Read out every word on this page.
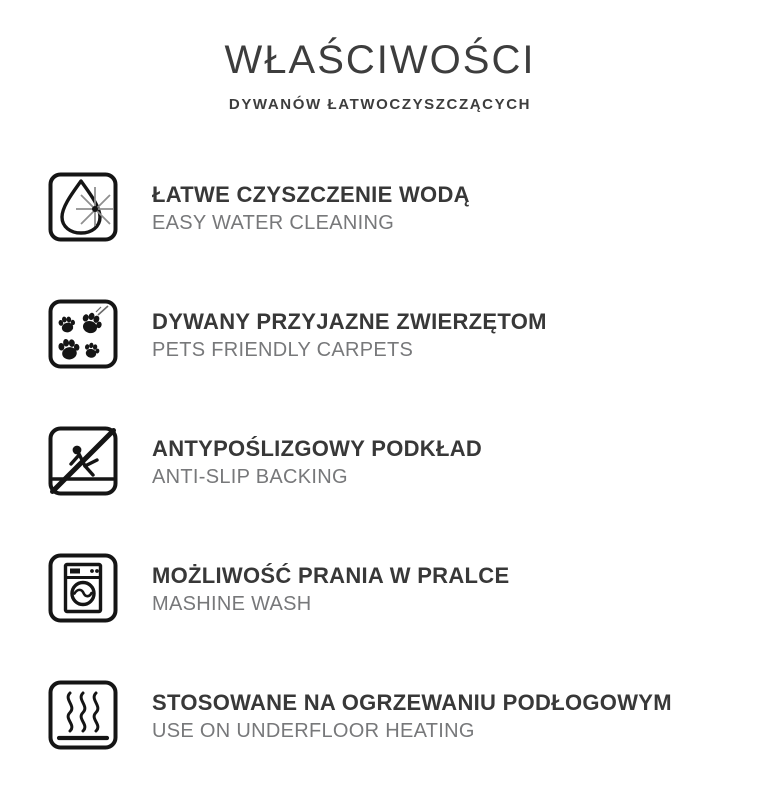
WŁAŚCIWOŚCI
DYWANÓW ŁATWOCZYSZCZĄCYCH
ŁATWE CZYSZCZENIE WODĄ
EASY WATER CLEANING
DYWANY PRZYJAZNE ZWIERZĘTOM
PETS FRIENDLY CARPETS
ANTYPOŚLIZGOWY PODKŁAD
ANTI-SLIP BACKING
MOŻLIWOŚĆ PRANIA W PRALCE
MASHINE WASH
STOSOWANE NA OGRZEWANIU PODŁOGOWYM
USE ON UNDERFLOOR HEATING
